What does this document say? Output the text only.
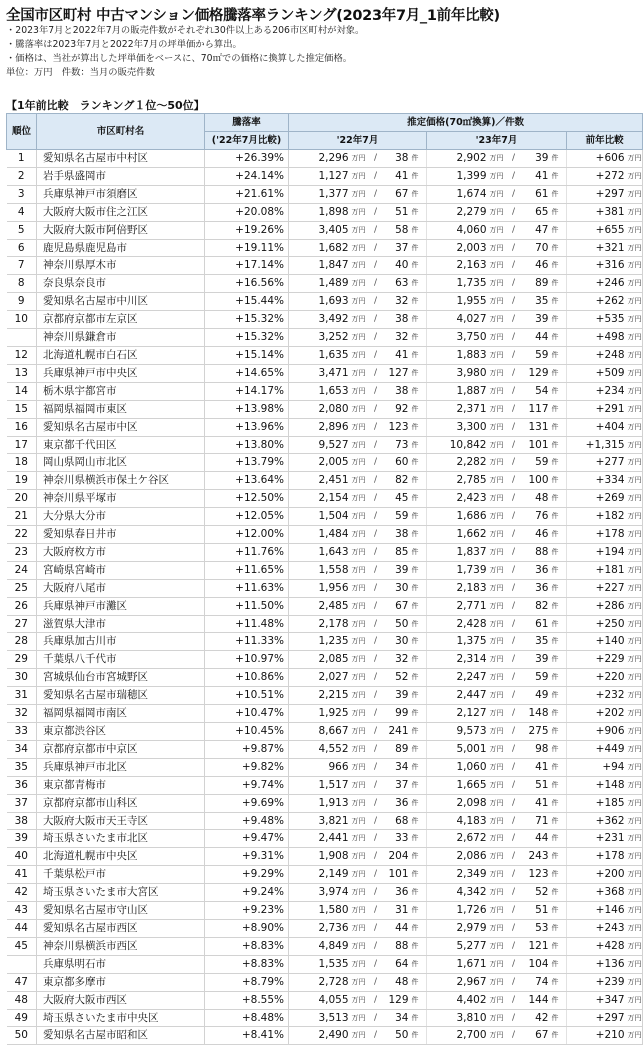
全国市区町村 中古マンション価格騰落率ランキング(2023年7月_1前年比較)
・2023年7月と2022年7月の販売件数がそれぞれ30件以上ある206市区町村が対象。
・騰落率は2023年7月と2022年7月の坪単価から算出。
・価格は、当社が算出した坪単価をベースに、70㎡での価格に換算した推定価格。
単位：万円　件数：当月の販売件数
【1年前比較　ランキング１位～50位】
順位	市区町村名	騰落率	推定価格(70㎡換算)／件数											
		('22年7月比較)	'22年7月					'23年7月					前年比較	
1	愛知県名古屋市中村区	+26.39%	2,296	万円	/	38	件	2,902	万円	/	39	件	+606	万円
2	岩手県盛岡市	+24.14%	1,127	万円	/	41	件	1,399	万円	/	41	件	+272	万円
3	兵庫県神戸市須磨区	+21.61%	1,377	万円	/	67	件	1,674	万円	/	61	件	+297	万円
4	大阪府大阪市住之江区	+20.08%	1,898	万円	/	51	件	2,279	万円	/	65	件	+381	万円
5	大阪府大阪市阿倍野区	+19.26%	3,405	万円	/	58	件	4,060	万円	/	47	件	+655	万円
6	鹿児島県鹿児島市	+19.11%	1,682	万円	/	37	件	2,003	万円	/	70	件	+321	万円
7	神奈川県厚木市	+17.14%	1,847	万円	/	40	件	2,163	万円	/	46	件	+316	万円
8	奈良県奈良市	+16.56%	1,489	万円	/	63	件	1,735	万円	/	89	件	+246	万円
9	愛知県名古屋市中川区	+15.44%	1,693	万円	/	32	件	1,955	万円	/	35	件	+262	万円
10	京都府京都市左京区	+15.32%	3,492	万円	/	38	件	4,027	万円	/	39	件	+535	万円
	神奈川県鎌倉市	+15.32%	3,252	万円	/	32	件	3,750	万円	/	44	件	+498	万円
12	北海道札幌市白石区	+15.14%	1,635	万円	/	41	件	1,883	万円	/	59	件	+248	万円
13	兵庫県神戸市中央区	+14.65%	3,471	万円	/	127	件	3,980	万円	/	129	件	+509	万円
14	栃木県宇都宮市	+14.17%	1,653	万円	/	38	件	1,887	万円	/	54	件	+234	万円
15	福岡県福岡市東区	+13.98%	2,080	万円	/	92	件	2,371	万円	/	117	件	+291	万円
16	愛知県名古屋市中区	+13.96%	2,896	万円	/	123	件	3,300	万円	/	131	件	+404	万円
17	東京都千代田区	+13.80%	9,527	万円	/	73	件	10,842	万円	/	101	件	+1,315	万円
18	岡山県岡山市北区	+13.79%	2,005	万円	/	60	件	2,282	万円	/	59	件	+277	万円
19	神奈川県横浜市保土ケ谷区	+13.64%	2,451	万円	/	82	件	2,785	万円	/	100	件	+334	万円
20	神奈川県平塚市	+12.50%	2,154	万円	/	45	件	2,423	万円	/	48	件	+269	万円
21	大分県大分市	+12.05%	1,504	万円	/	59	件	1,686	万円	/	76	件	+182	万円
22	愛知県春日井市	+12.00%	1,484	万円	/	38	件	1,662	万円	/	46	件	+178	万円
23	大阪府枚方市	+11.76%	1,643	万円	/	85	件	1,837	万円	/	88	件	+194	万円
24	宮崎県宮崎市	+11.65%	1,558	万円	/	39	件	1,739	万円	/	36	件	+181	万円
25	大阪府八尾市	+11.63%	1,956	万円	/	30	件	2,183	万円	/	36	件	+227	万円
26	兵庫県神戸市灘区	+11.50%	2,485	万円	/	67	件	2,771	万円	/	82	件	+286	万円
27	滋賀県大津市	+11.48%	2,178	万円	/	50	件	2,428	万円	/	61	件	+250	万円
28	兵庫県加古川市	+11.33%	1,235	万円	/	30	件	1,375	万円	/	35	件	+140	万円
29	千葉県八千代市	+10.97%	2,085	万円	/	32	件	2,314	万円	/	39	件	+229	万円
30	宮城県仙台市宮城野区	+10.86%	2,027	万円	/	52	件	2,247	万円	/	59	件	+220	万円
31	愛知県名古屋市瑞穂区	+10.51%	2,215	万円	/	39	件	2,447	万円	/	49	件	+232	万円
32	福岡県福岡市南区	+10.47%	1,925	万円	/	99	件	2,127	万円	/	148	件	+202	万円
33	東京都渋谷区	+10.45%	8,667	万円	/	241	件	9,573	万円	/	275	件	+906	万円
34	京都府京都市中京区	+9.87%	4,552	万円	/	89	件	5,001	万円	/	98	件	+449	万円
35	兵庫県神戸市北区	+9.82%	966	万円	/	34	件	1,060	万円	/	41	件	+94	万円
36	東京都青梅市	+9.74%	1,517	万円	/	37	件	1,665	万円	/	51	件	+148	万円
37	京都府京都市山科区	+9.69%	1,913	万円	/	36	件	2,098	万円	/	41	件	+185	万円
38	大阪府大阪市天王寺区	+9.48%	3,821	万円	/	68	件	4,183	万円	/	71	件	+362	万円
39	埼玉県さいたま市北区	+9.47%	2,441	万円	/	33	件	2,672	万円	/	44	件	+231	万円
40	北海道札幌市中央区	+9.31%	1,908	万円	/	204	件	2,086	万円	/	243	件	+178	万円
41	千葉県松戸市	+9.29%	2,149	万円	/	101	件	2,349	万円	/	123	件	+200	万円
42	埼玉県さいたま市大宮区	+9.24%	3,974	万円	/	36	件	4,342	万円	/	52	件	+368	万円
43	愛知県名古屋市守山区	+9.23%	1,580	万円	/	31	件	1,726	万円	/	51	件	+146	万円
44	愛知県名古屋市西区	+8.90%	2,736	万円	/	44	件	2,979	万円	/	53	件	+243	万円
45	神奈川県横浜市西区	+8.83%	4,849	万円	/	88	件	5,277	万円	/	121	件	+428	万円
	兵庫県明石市	+8.83%	1,535	万円	/	64	件	1,671	万円	/	104	件	+136	万円
47	東京都多摩市	+8.79%	2,728	万円	/	48	件	2,967	万円	/	74	件	+239	万円
48	大阪府大阪市西区	+8.55%	4,055	万円	/	129	件	4,402	万円	/	144	件	+347	万円
49	埼玉県さいたま市中央区	+8.48%	3,513	万円	/	34	件	3,810	万円	/	42	件	+297	万円
50	愛知県名古屋市昭和区	+8.41%	2,490	万円	/	50	件	2,700	万円	/	67	件	+210	万円
